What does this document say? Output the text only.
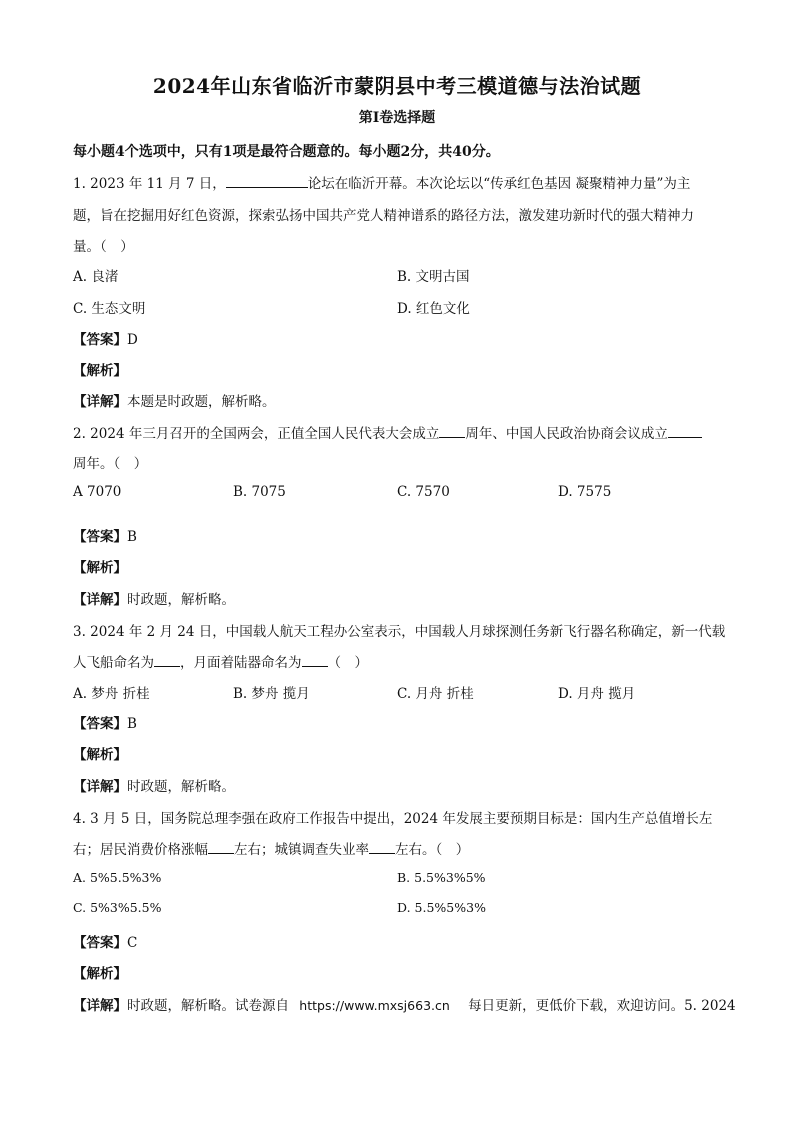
2024年山东省临沂市蒙阴县中考三模道德与法治试题
第Ⅰ卷选择题
每小题4个选项中，只有1项是最符合题意的。每小题2分，共40分。
1. 2023 年 11 月 7 日，	论坛在临沂开幕。本次论坛以“传承红色基因 凝聚精神力量”为主
题，旨在挖掘用好红色资源，探索弘扬中国共产党人精神谱系的路径方法，激发建功新时代的强大精神力
量。（　）
A. 良渚	B. 文明古国
C. 生态文明	D. 红色文化
【答案】D
【解析】
【详解】本题是时政题，解析略。
2. 2024 年三月召开的全国两会，正值全国人民代表大会成立 周年、中国人民政治协商会议成立
周年。（　）
A 7070	B. 7075	C. 7570	D. 7575
【答案】B
【解析】
【详解】时政题，解析略。
3. 2024 年 2 月 24 日，中国载人航天工程办公室表示，中国载人月球探测任务新飞行器名称确定，新一代载
人飞船命名为 ，月面着陆器命名为 （　）
A. 梦舟 折桂	B. 梦舟 揽月	C. 月舟 折桂	D. 月舟 揽月
【答案】B
【解析】
【详解】时政题，解析略。
4. 3 月 5 日，国务院总理李强在政府工作报告中提出，2024 年发展主要预期目标是：国内生产总值增长左
右；居民消费价格涨幅 左右；城镇调查失业率 左右。（　）
A. 5%5.5%3%	B. 5.5%3%5%
C. 5%3%5.5%	D. 5.5%5%3%
【答案】C
【解析】
【详解】时政题，解析略。试卷源自 https://www.mxsj663.cn 每日更新，更低价下载，欢迎访问。5. 2024
